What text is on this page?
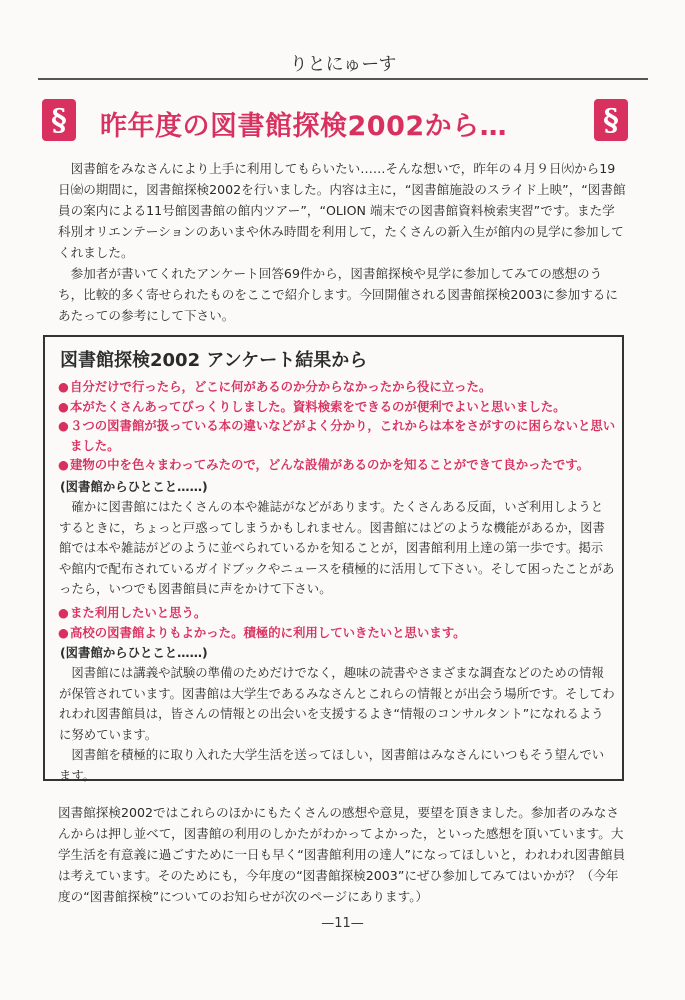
りとにゅーす
§	昨年度の図書館探検2002から…	§

図書館をみなさんにより上手に利用してもらいたい……そんな想いで，昨年の４月９日㈫から19日㈮の期間に，図書館探検2002を行いました。内容は主に，“図書館施設のスライド上映”，“図書館員の案内による11号館図書館の館内ツアー”，“OLION 端末での図書館資料検索実習”です。また学科別オリエンテーションのあいまや休み時間を利用して，たくさんの新入生が館内の見学に参加してくれました。

参加者が書いてくれたアンケート回答69件から，図書館探検や見学に参加してみての感想のうち，比較的多く寄せられたものをここで紹介します。今回開催される図書館探検2003に参加するにあたっての参考にして下さい。

図書館探検2002 アンケート結果から
●自分だけで行ったら，どこに何があるのか分からなかったから役に立った。
●本がたくさんあってびっくりしました。資料検索をできるのが便利でよいと思いました。
●３つの図書館が扱っている本の違いなどがよく分かり，これからは本をさがすのに困らないと思いました。
●建物の中を色々まわってみたので，どんな設備があるのかを知ることができて良かったです。
(図書館からひとこと……)

確かに図書館にはたくさんの本や雑誌がなどがあります。たくさんある反面，いざ利用しようとするときに，ちょっと戸惑ってしまうかもしれません。図書館にはどのような機能があるか，図書館では本や雑誌がどのように並べられているかを知ることが，図書館利用上達の第一歩です。掲示や館内で配布されているガイドブックやニュースを積極的に活用して下さい。そして困ったことがあったら，いつでも図書館員に声をかけて下さい。

●また利用したいと思う。
●高校の図書館よりもよかった。積極的に利用していきたいと思います。
(図書館からひとこと……)

図書館には講義や試験の準備のためだけでなく，趣味の読書やさまざまな調査などのための情報が保管されています。図書館は大学生であるみなさんとこれらの情報とが出会う場所です。そしてわれわれ図書館員は，皆さんの情報との出会いを支援するよき“情報のコンサルタント”になれるように努めています。

図書館を積極的に取り入れた大学生活を送ってほしい，図書館はみなさんにいつもそう望んでいます。

図書館探検2002ではこれらのほかにもたくさんの感想や意見，要望を頂きました。参加者のみなさんからは押し並べて，図書館の利用のしかたがわかってよかった，といった感想を頂いています。大学生活を有意義に過ごすために一日も早く“図書館利用の達人”になってほしいと，われわれ図書館員は考えています。そのためにも，今年度の“図書館探検2003”にぜひ参加してみてはいかが？（今年度の“図書館探検”についてのお知らせが次のページにあります。）

—11—
